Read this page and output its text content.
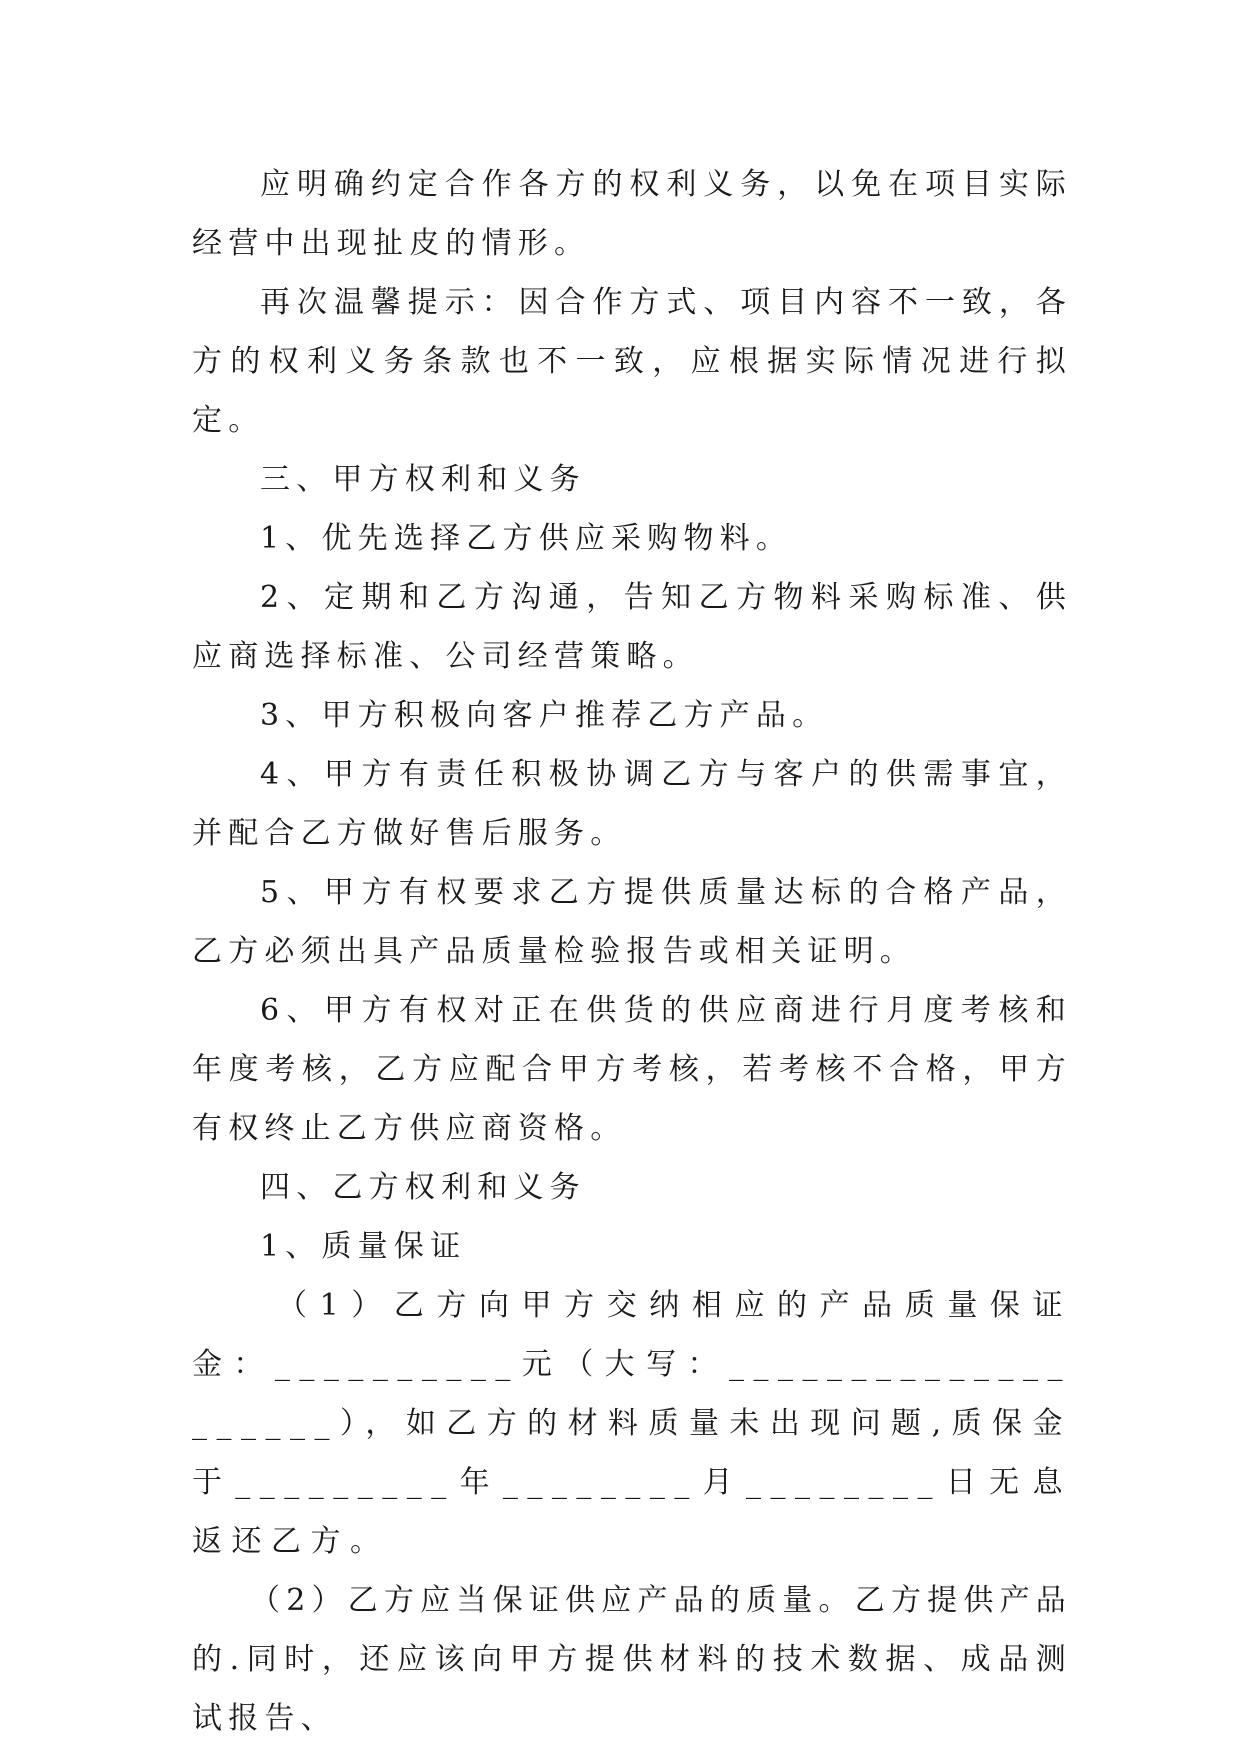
应明确约定合作各方的权利义务，以免在项目实际经营中出现扯皮的情形。

再次温馨提示：因合作方式、项目内容不一致，各方的权利义务条款也不一致，应根据实际情况进行拟定。

三、甲方权利和义务

1、优先选择乙方供应采购物料。

2、定期和乙方沟通，告知乙方物料采购标准、供应商选择标准、公司经营策略。

3、甲方积极向客户推荐乙方产品。

4、甲方有责任积极协调乙方与客户的供需事宜，并配合乙方做好售后服务。

5、甲方有权要求乙方提供质量达标的合格产品，乙方必须出具产品质量检验报告或相关证明。

6、甲方有权对正在供货的供应商进行月度考核和年度考核，乙方应配合甲方考核，若考核不合格，甲方有权终止乙方供应商资格。

四、乙方权利和义务

1、质量保证

（1）乙方向甲方交纳相应的产品质量保证金：__________元（大写：____________________），如乙方的材料质量未出现问题,质保金于_________年________月________日无息返还乙方。

（2）乙方应当保证供应产品的质量。乙方提供产品的.同时，还应该向甲方提供材料的技术数据、成品测试报告、
